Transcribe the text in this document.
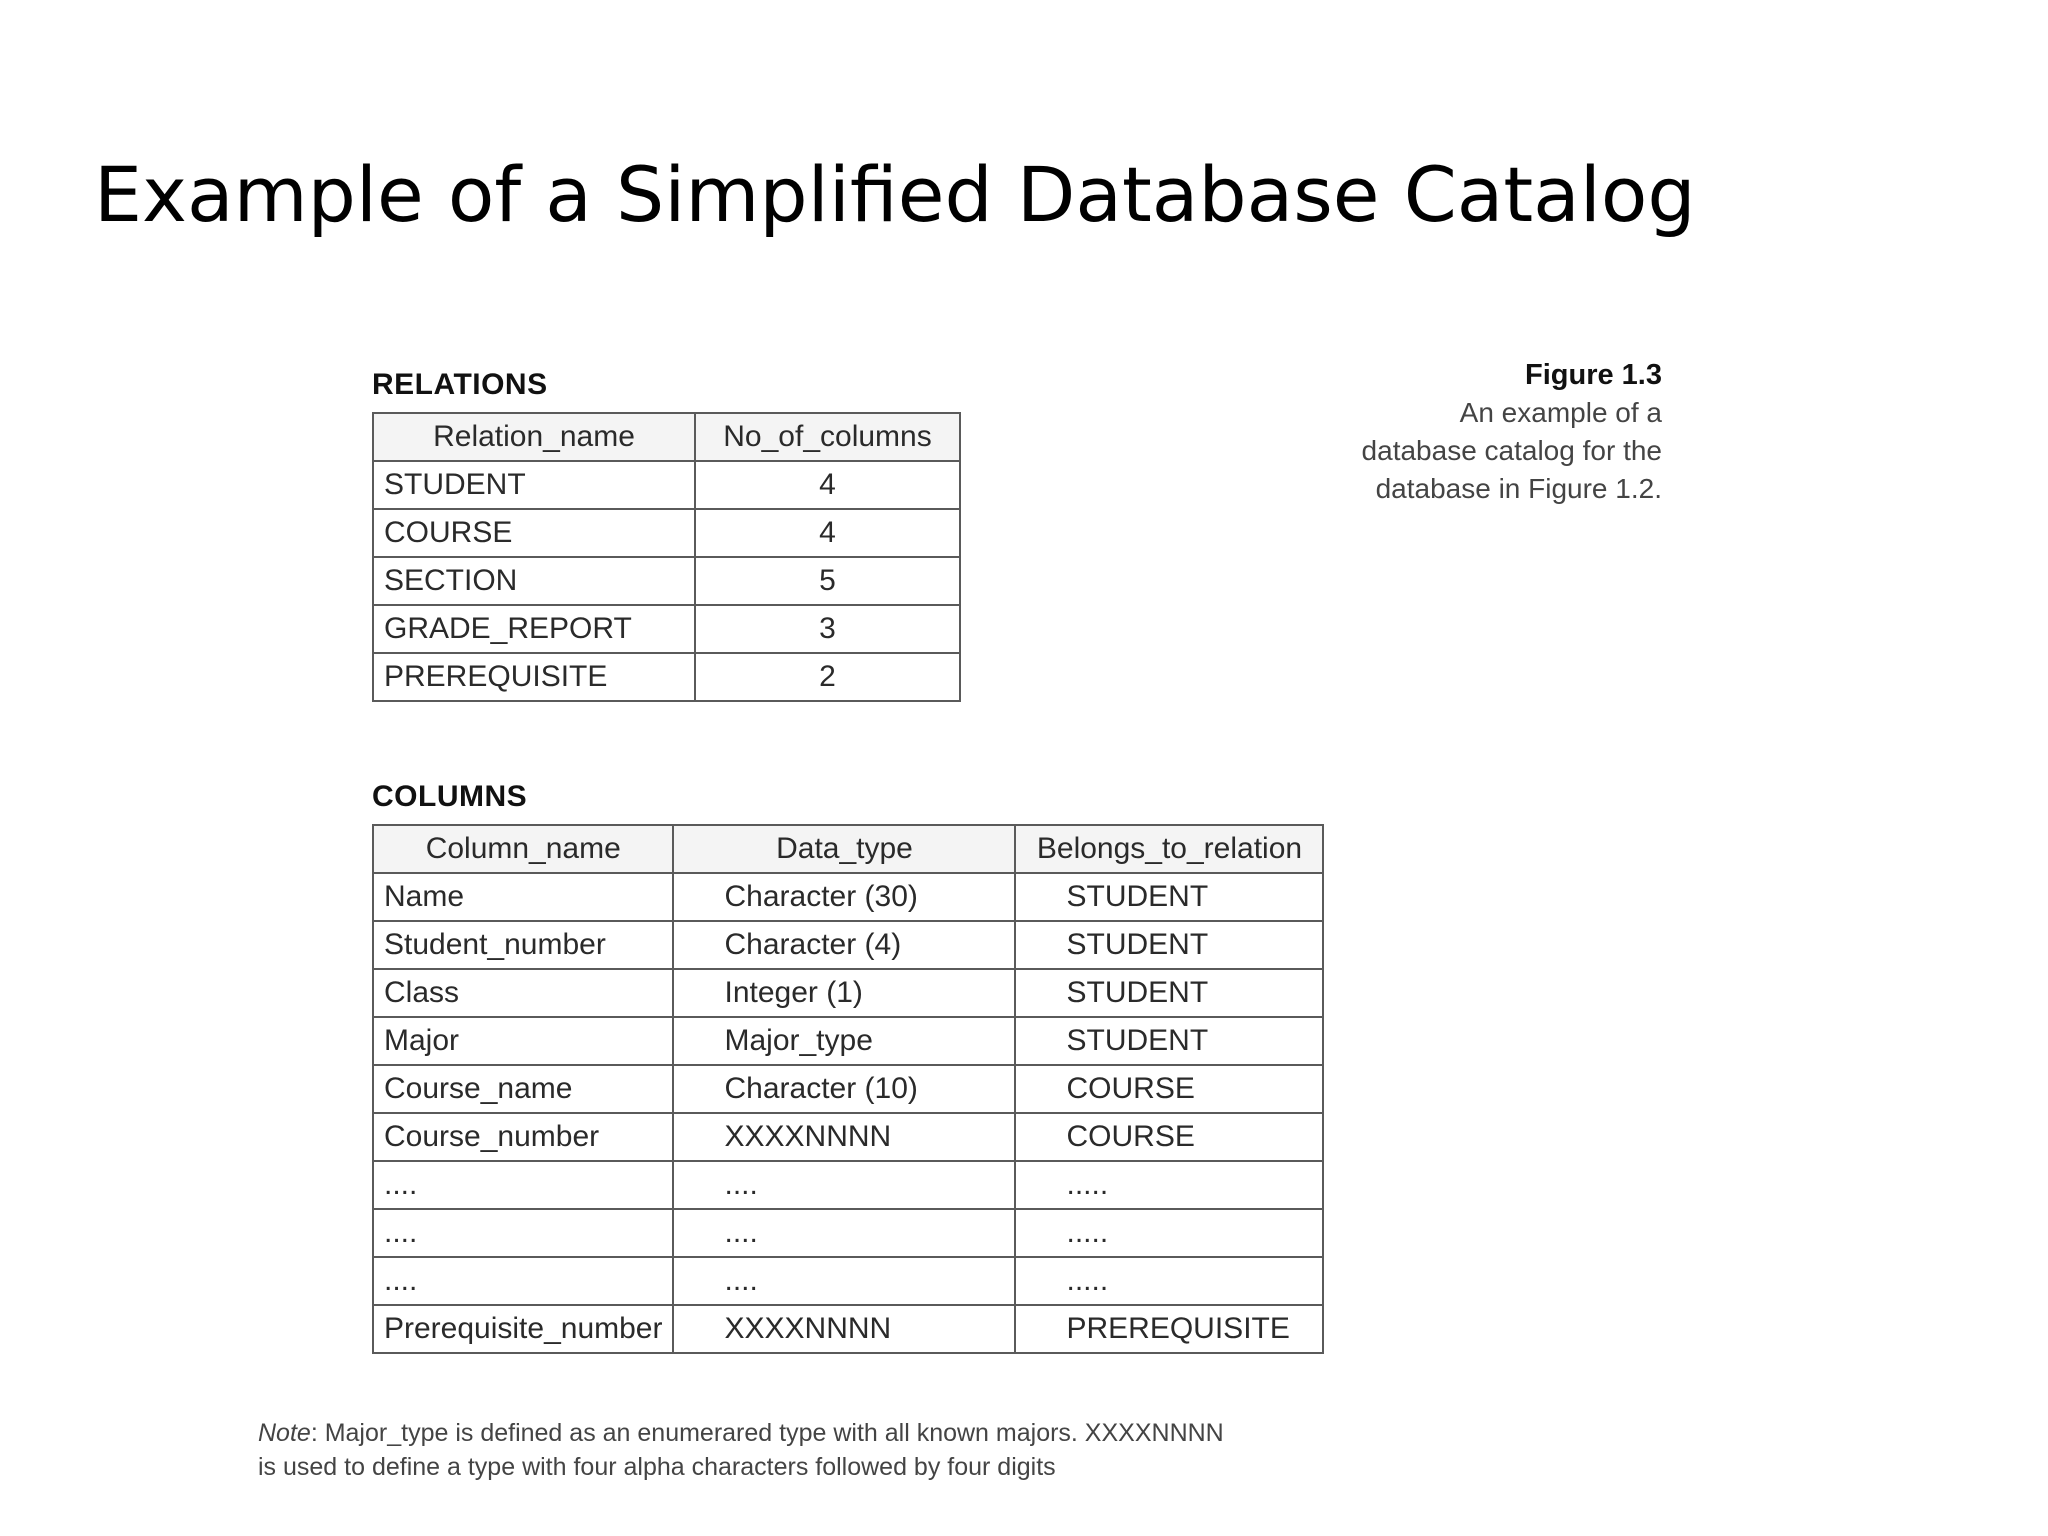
Example of a Simplified Database Catalog
RELATIONS
Relation_name	No_of_columns
STUDENT	4
COURSE	4
SECTION	5
GRADE_REPORT	3
PREREQUISITE	2
Figure 1.3
An example of a
database catalog for the
database in Figure 1.2.
COLUMNS
Column_name	Data_type	Belongs_to_relation
Name	Character (30)	STUDENT
Student_number	Character (4)	STUDENT
Class	Integer (1)	STUDENT
Major	Major_type	STUDENT
Course_name	Character (10)	COURSE
Course_number	XXXXNNNN	COURSE
....	....	.....
....	....	.....
....	....	.....
Prerequisite_number	XXXXNNNN	PREREQUISITE
Note: Major_type is defined as an enumerared type with all known majors. XXXXNNNN
is used to define a type with four alpha characters followed by four digits
